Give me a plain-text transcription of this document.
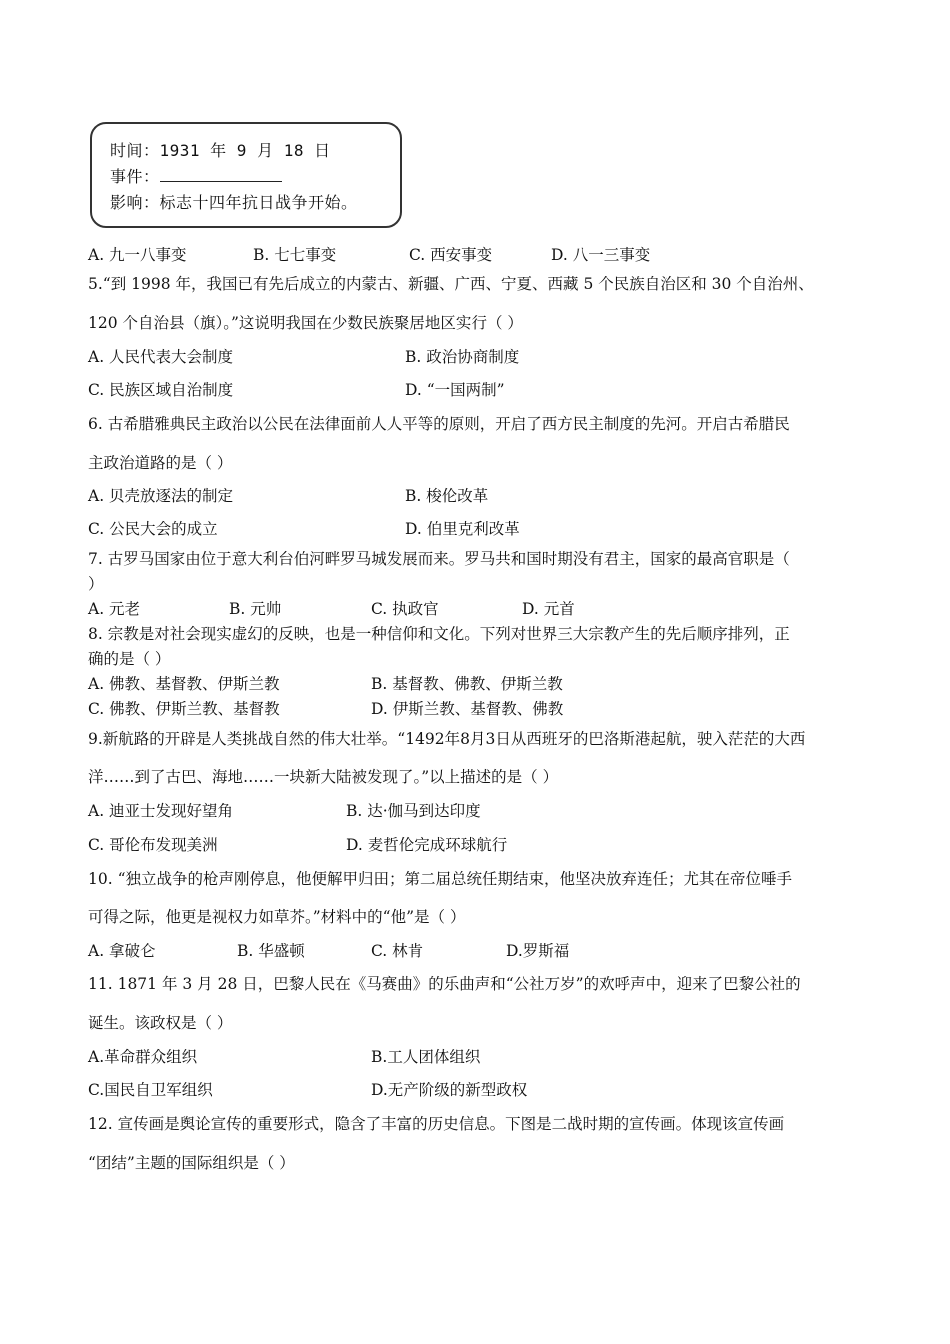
时间：1931 年 9 月 18 日
事件：
影响：标志十四年抗日战争开始。
A. 九一八事变	B. 七七事变	C. 西安事变	D. 八一三事变
5.“到 1998 年，我国已有先后成立的内蒙古、新疆、广西、宁夏、西藏 5 个民族自治区和 30 个自治州、
120 个自治县（旗）。”这说明我国在少数民族聚居地区实行（ ）
A. 人民代表大会制度	B. 政治协商制度
C. 民族区域自治制度	D. “一国两制”
6. 古希腊雅典民主政治以公民在法律面前人人平等的原则，开启了西方民主制度的先河。开启古希腊民
主政治道路的是（ ）
A. 贝壳放逐法的制定	B. 梭伦改革
C. 公民大会的成立	D. 伯里克利改革
7. 古罗马国家由位于意大利台伯河畔罗马城发展而来。罗马共和国时期没有君主，国家的最高官职是（
）
A. 元老	B. 元帅	C. 执政官	D. 元首
8. 宗教是对社会现实虚幻的反映，也是一种信仰和文化。下列对世界三大宗教产生的先后顺序排列，正
确的是（ ）
A. 佛教、基督教、伊斯兰教	B. 基督教、佛教、伊斯兰教
C. 佛教、伊斯兰教、基督教	D. 伊斯兰教、基督教、佛教
9.新航路的开辟是人类挑战自然的伟大壮举。“1492年8月3日从西班牙的巴洛斯港起航，驶入茫茫的大西
洋……到了古巴、海地……一块新大陆被发现了。”以上描述的是（ ）
A. 迪亚士发现好望角	B. 达·伽马到达印度
C. 哥伦布发现美洲	D. 麦哲伦完成环球航行
10. “独立战争的枪声刚停息，他便解甲归田；第二届总统任期结束，他坚决放弃连任；尤其在帝位唾手
可得之际，他更是视权力如草芥。”材料中的“他”是（ ）
A. 拿破仑	B. 华盛顿	C. 林肯	D.罗斯福
11. 1871 年 3 月 28 日，巴黎人民在《马赛曲》的乐曲声和“公社万岁”的欢呼声中，迎来了巴黎公社的
诞生。该政权是（ ）
A.革命群众组织	B.工人团体组织
C.国民自卫军组织	D.无产阶级的新型政权
12. 宣传画是舆论宣传的重要形式，隐含了丰富的历史信息。下图是二战时期的宣传画。体现该宣传画
“团结”主题的国际组织是（ ）
